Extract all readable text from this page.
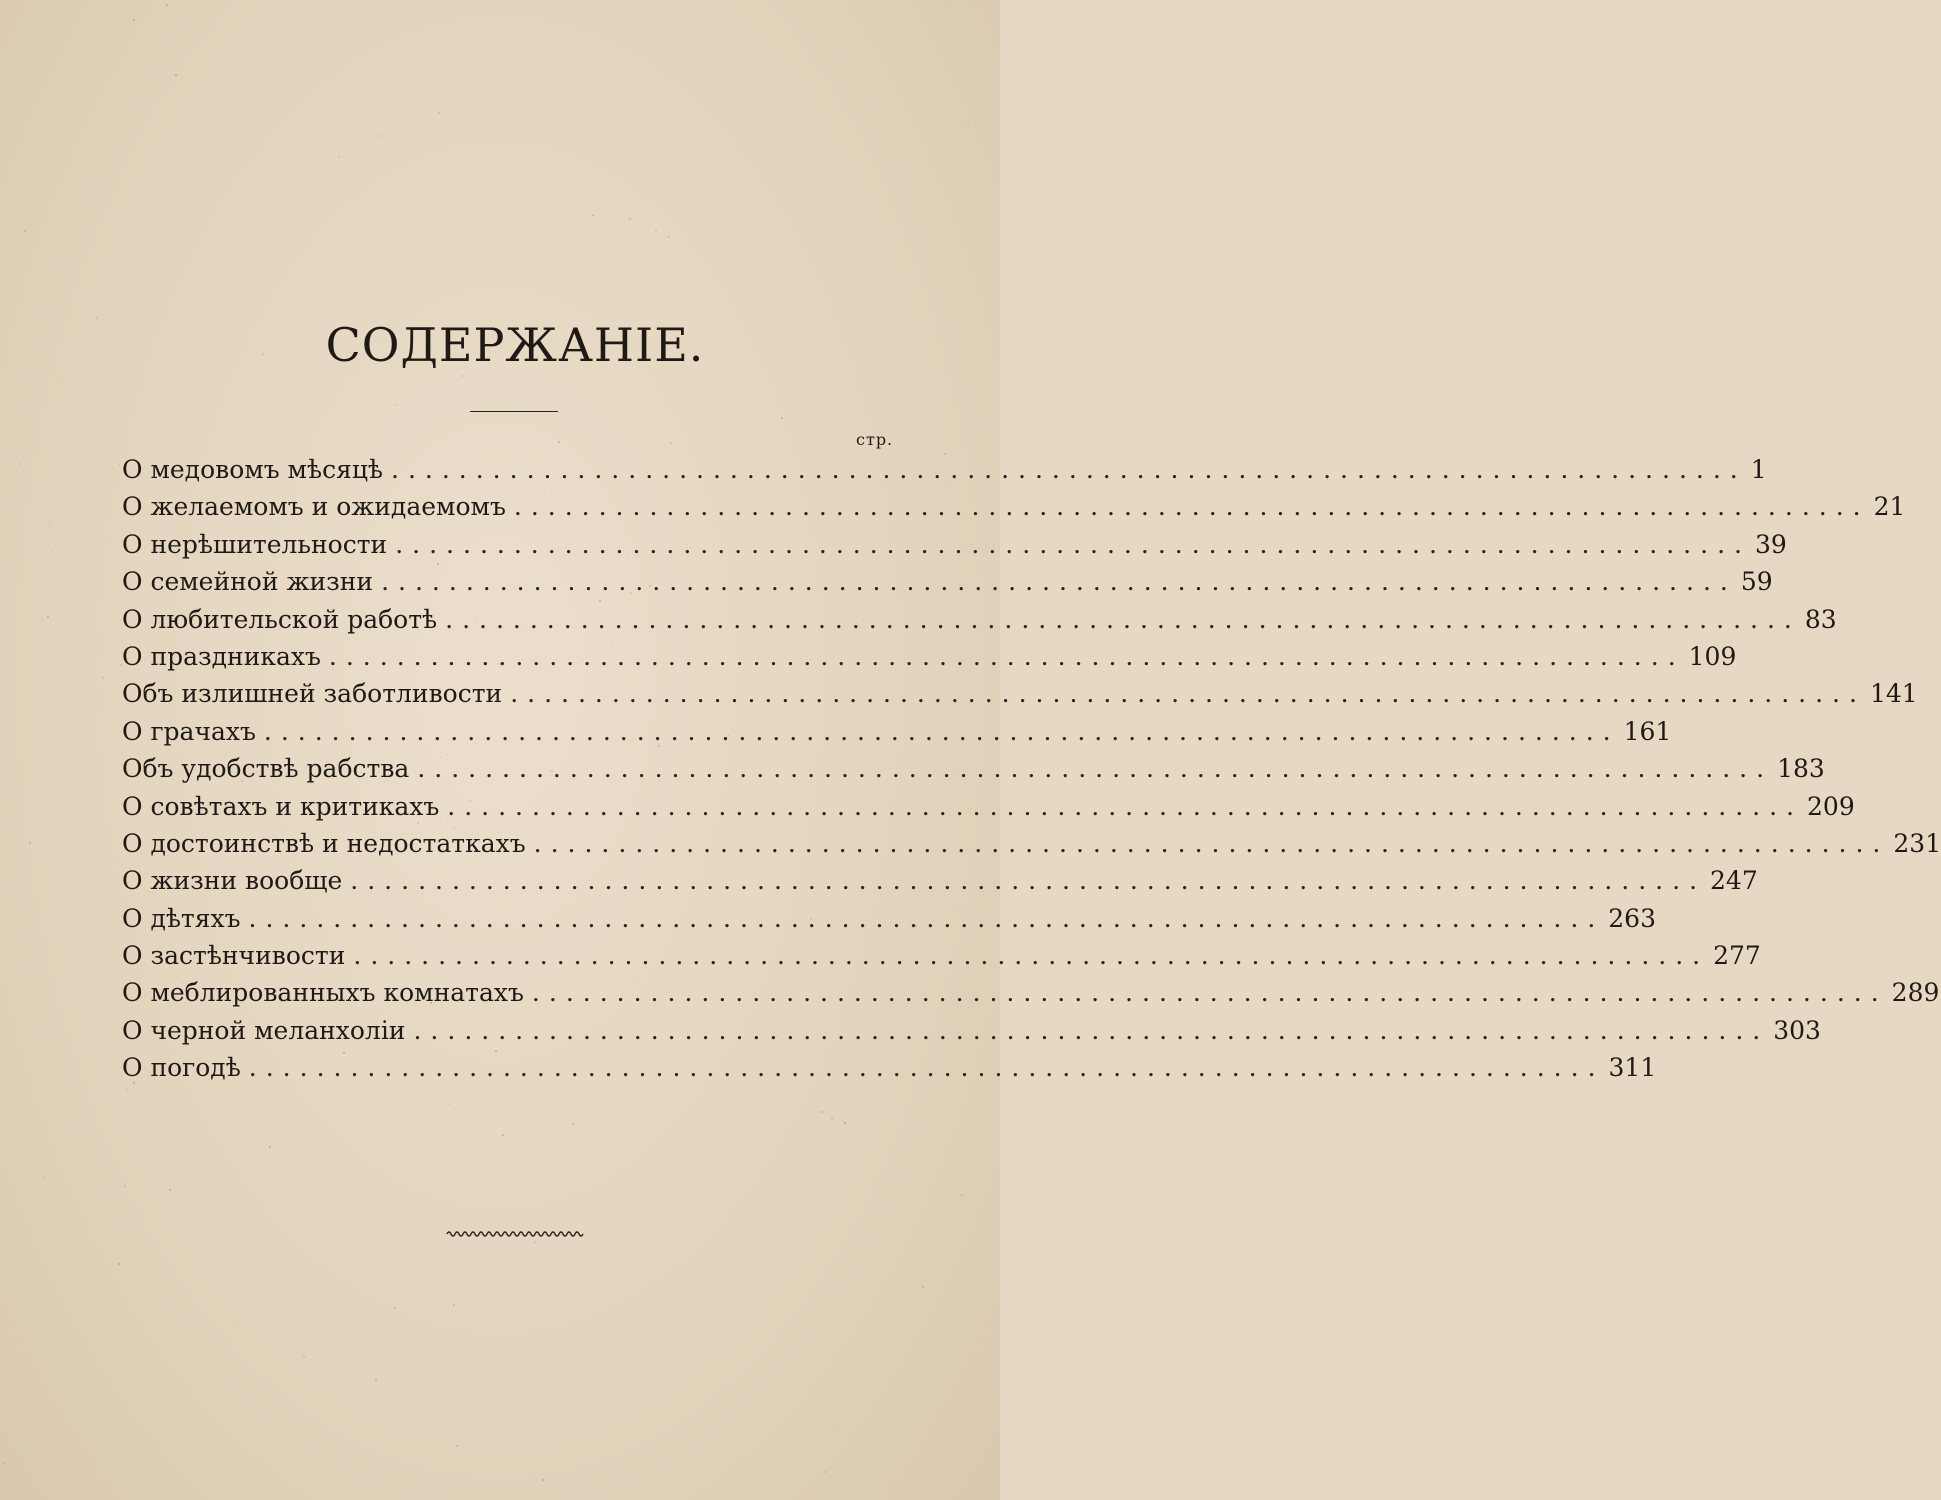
СОДЕРЖАНІЕ.
стр.
О медовомъ мѣсяцѣ ................................................................................ 1
О желаемомъ и ожидаемомъ ................................................................................ 21
О нерѣшительности ................................................................................ 39
О семейной жизни ................................................................................ 59
О любительской работѣ ................................................................................ 83
О праздникахъ ................................................................................ 109
Объ излишней заботливости ................................................................................ 141
О грачахъ ................................................................................ 161
Объ удобствѣ рабства ................................................................................ 183
О совѣтахъ и критикахъ ................................................................................ 209
О достоинствѣ и недостаткахъ ................................................................................ 231
О жизни вообще ................................................................................ 247
О дѣтяхъ ................................................................................ 263
О застѣнчивости ................................................................................ 277
О меблированныхъ комнатахъ ................................................................................ 289
О черной меланхоліи ................................................................................ 303
О погодѣ ................................................................................ 311
